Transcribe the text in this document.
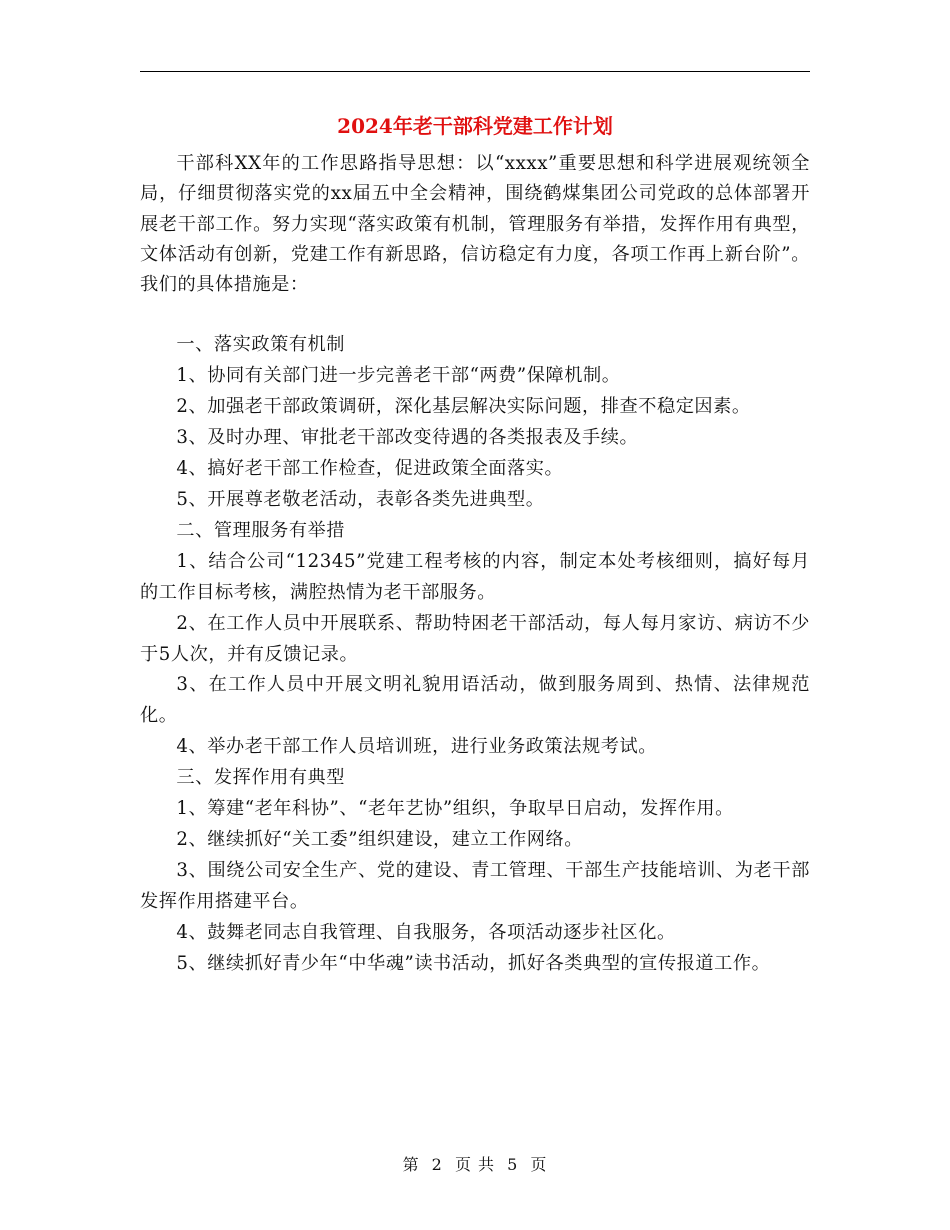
2024年老干部科党建工作计划

干部科XX年的工作思路指导思想：以“xxxx”重要思想和科学进展观统领全局，仔细贯彻落实党的xx届五中全会精神，围绕鹤煤集团公司党政的总体部署开展老干部工作。努力实现“落实政策有机制，管理服务有举措，发挥作用有典型，文体活动有创新，党建工作有新思路，信访稳定有力度，各项工作再上新台阶”。我们的具体措施是：

一、落实政策有机制

1、协同有关部门进一步完善老干部“两费”保障机制。

2、加强老干部政策调研，深化基层解决实际问题，排查不稳定因素。

3、及时办理、审批老干部改变待遇的各类报表及手续。

4、搞好老干部工作检查，促进政策全面落实。

5、开展尊老敬老活动，表彰各类先进典型。

二、管理服务有举措

1、结合公司“12345”党建工程考核的内容，制定本处考核细则，搞好每月的工作目标考核，满腔热情为老干部服务。

2、在工作人员中开展联系、帮助特困老干部活动，每人每月家访、病访不少于5人次，并有反馈记录。

3、在工作人员中开展文明礼貌用语活动，做到服务周到、热情、法律规范化。

4、举办老干部工作人员培训班，进行业务政策法规考试。

三、发挥作用有典型

1、筹建“老年科协”、“老年艺协”组织，争取早日启动，发挥作用。

2、继续抓好“关工委”组织建设，建立工作网络。

3、围绕公司安全生产、党的建设、青工管理、干部生产技能培训、为老干部发挥作用搭建平台。

4、鼓舞老同志自我管理、自我服务，各项活动逐步社区化。

5、继续抓好青少年“中华魂”读书活动，抓好各类典型的宣传报道工作。

第 2 页 共 5 页
